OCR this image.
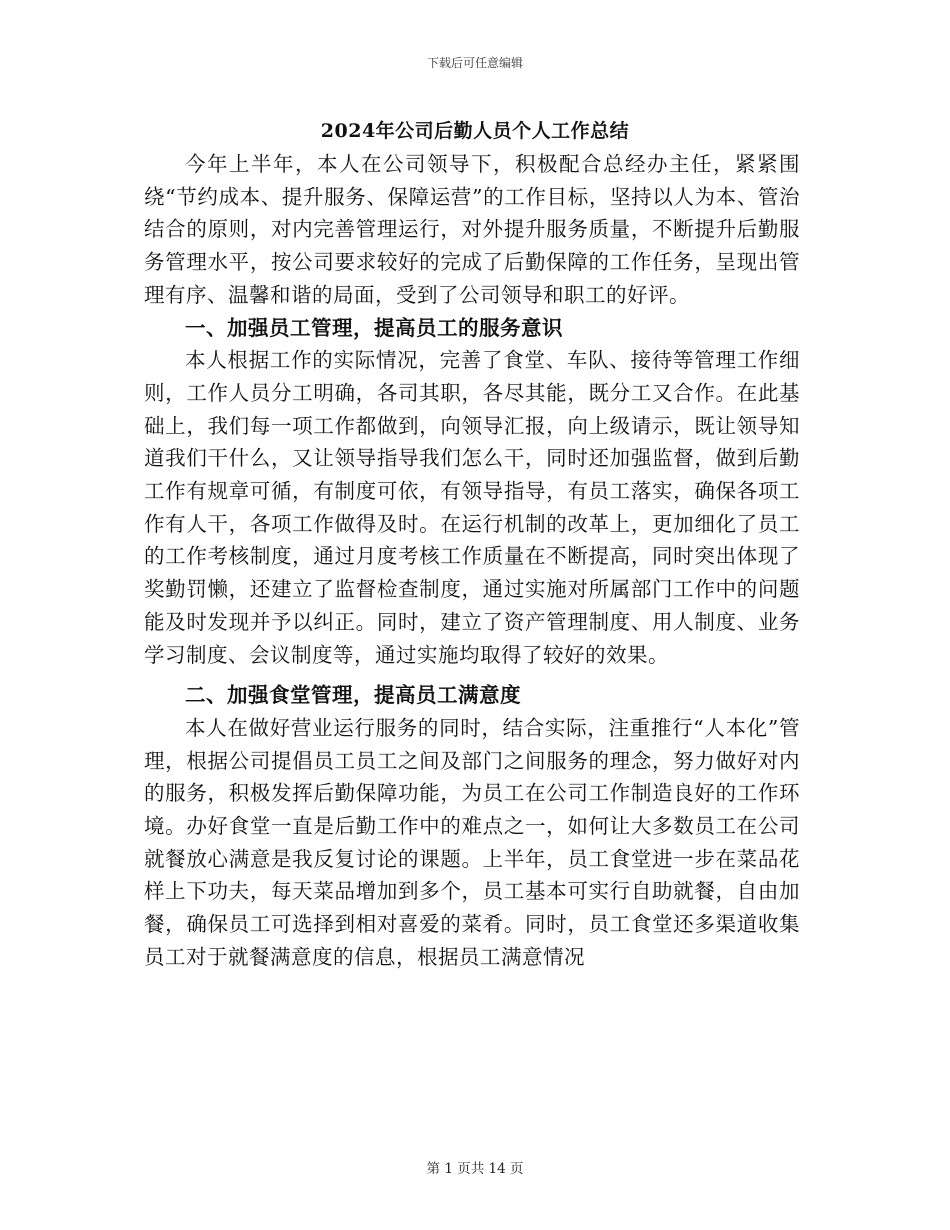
下载后可任意编辑
2024年公司后勤人员个人工作总结

今年上半年，本人在公司领导下，积极配合总经办主任，紧紧围绕“节约成本、提升服务、保障运营”的工作目标，坚持以人为本、管治结合的原则，对内完善管理运行，对外提升服务质量，不断提升后勤服务管理水平，按公司要求较好的完成了后勤保障的工作任务，呈现出管理有序、温馨和谐的局面，受到了公司领导和职工的好评。

一、加强员工管理，提高员工的服务意识

本人根据工作的实际情况，完善了食堂、车队、接待等管理工作细则，工作人员分工明确，各司其职，各尽其能，既分工又合作。在此基础上，我们每一项工作都做到，向领导汇报，向上级请示，既让领导知道我们干什么，又让领导指导我们怎么干，同时还加强监督，做到后勤工作有规章可循，有制度可依，有领导指导，有员工落实，确保各项工作有人干，各项工作做得及时。在运行机制的改革上，更加细化了员工的工作考核制度，通过月度考核工作质量在不断提高，同时突出体现了奖勤罚懒，还建立了监督检查制度，通过实施对所属部门工作中的问题能及时发现并予以纠正。同时，建立了资产管理制度、用人制度、业务学习制度、会议制度等，通过实施均取得了较好的效果。

二、加强食堂管理，提高员工满意度

本人在做好营业运行服务的同时，结合实际，注重推行“人本化”管理，根据公司提倡员工员工之间及部门之间服务的理念，努力做好对内的服务，积极发挥后勤保障功能，为员工在公司工作制造良好的工作环境。办好食堂一直是后勤工作中的难点之一，如何让大多数员工在公司就餐放心满意是我反复讨论的课题。上半年，员工食堂进一步在菜品花样上下功夫，每天菜品增加到多个，员工基本可实行自助就餐，自由加餐，确保员工可选择到相对喜爱的菜肴。同时，员工食堂还多渠道收集员工对于就餐满意度的信息，根据员工满意情况

第 1 页共 14 页
